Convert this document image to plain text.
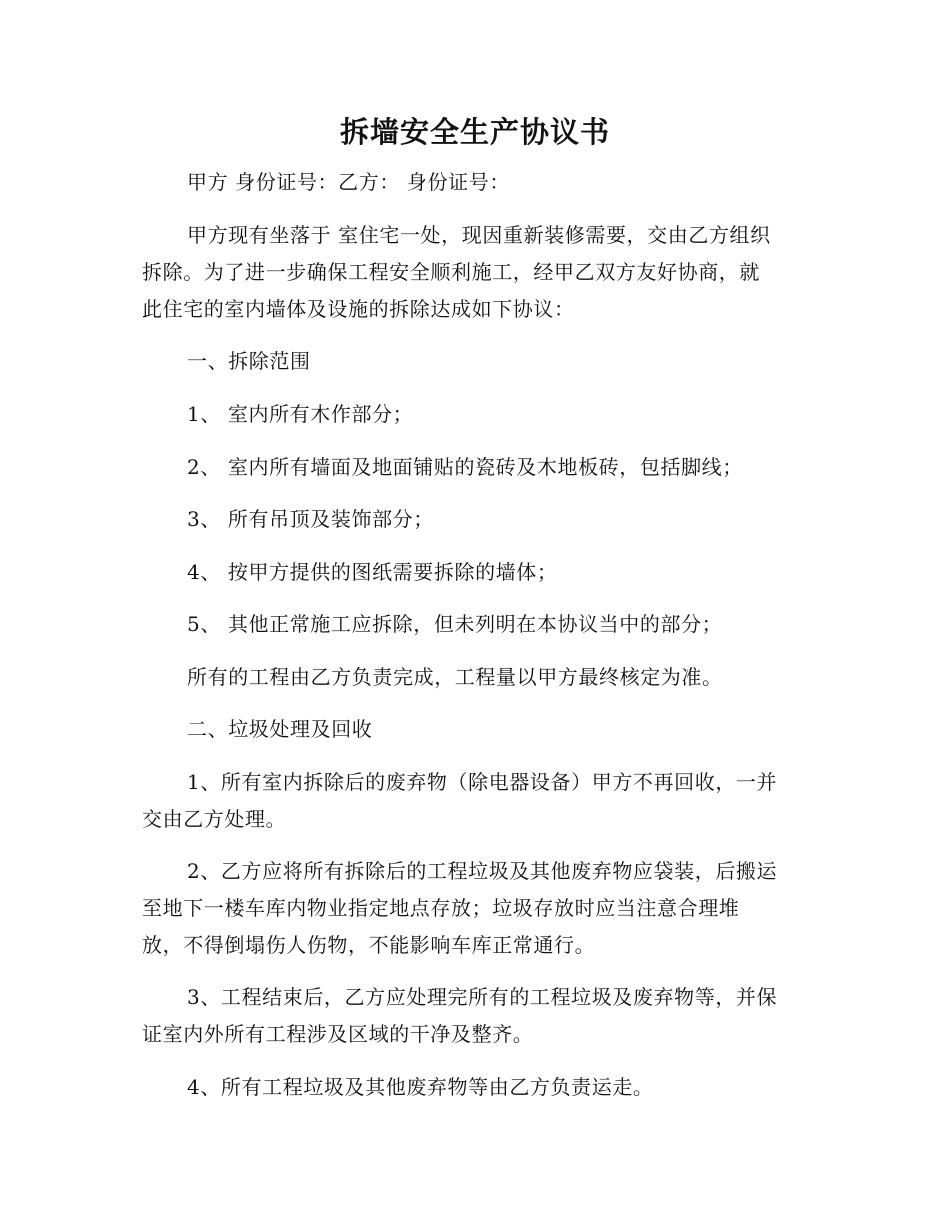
拆墙安全生产协议书
甲方 身份证号：乙方： 身份证号：
甲方现有坐落于 室住宅一处，现因重新装修需要，交由乙方组织
拆除。为了进一步确保工程安全顺利施工，经甲乙双方友好协商，就
此住宅的室内墙体及设施的拆除达成如下协议：
一、拆除范围
1、 室内所有木作部分；
2、 室内所有墙面及地面铺贴的瓷砖及木地板砖，包括脚线；
3、 所有吊顶及装饰部分；
4、 按甲方提供的图纸需要拆除的墙体；
5、 其他正常施工应拆除，但未列明在本协议当中的部分；
所有的工程由乙方负责完成，工程量以甲方最终核定为准。
二、垃圾处理及回收
1、所有室内拆除后的废弃物（除电器设备）甲方不再回收，一并
交由乙方处理。
2、乙方应将所有拆除后的工程垃圾及其他废弃物应袋装，后搬运
至地下一楼车库内物业指定地点存放；垃圾存放时应当注意合理堆
放，不得倒塌伤人伤物，不能影响车库正常通行。
3、工程结束后，乙方应处理完所有的工程垃圾及废弃物等，并保
证室内外所有工程涉及区域的干净及整齐。
4、所有工程垃圾及其他废弃物等由乙方负责运走。
